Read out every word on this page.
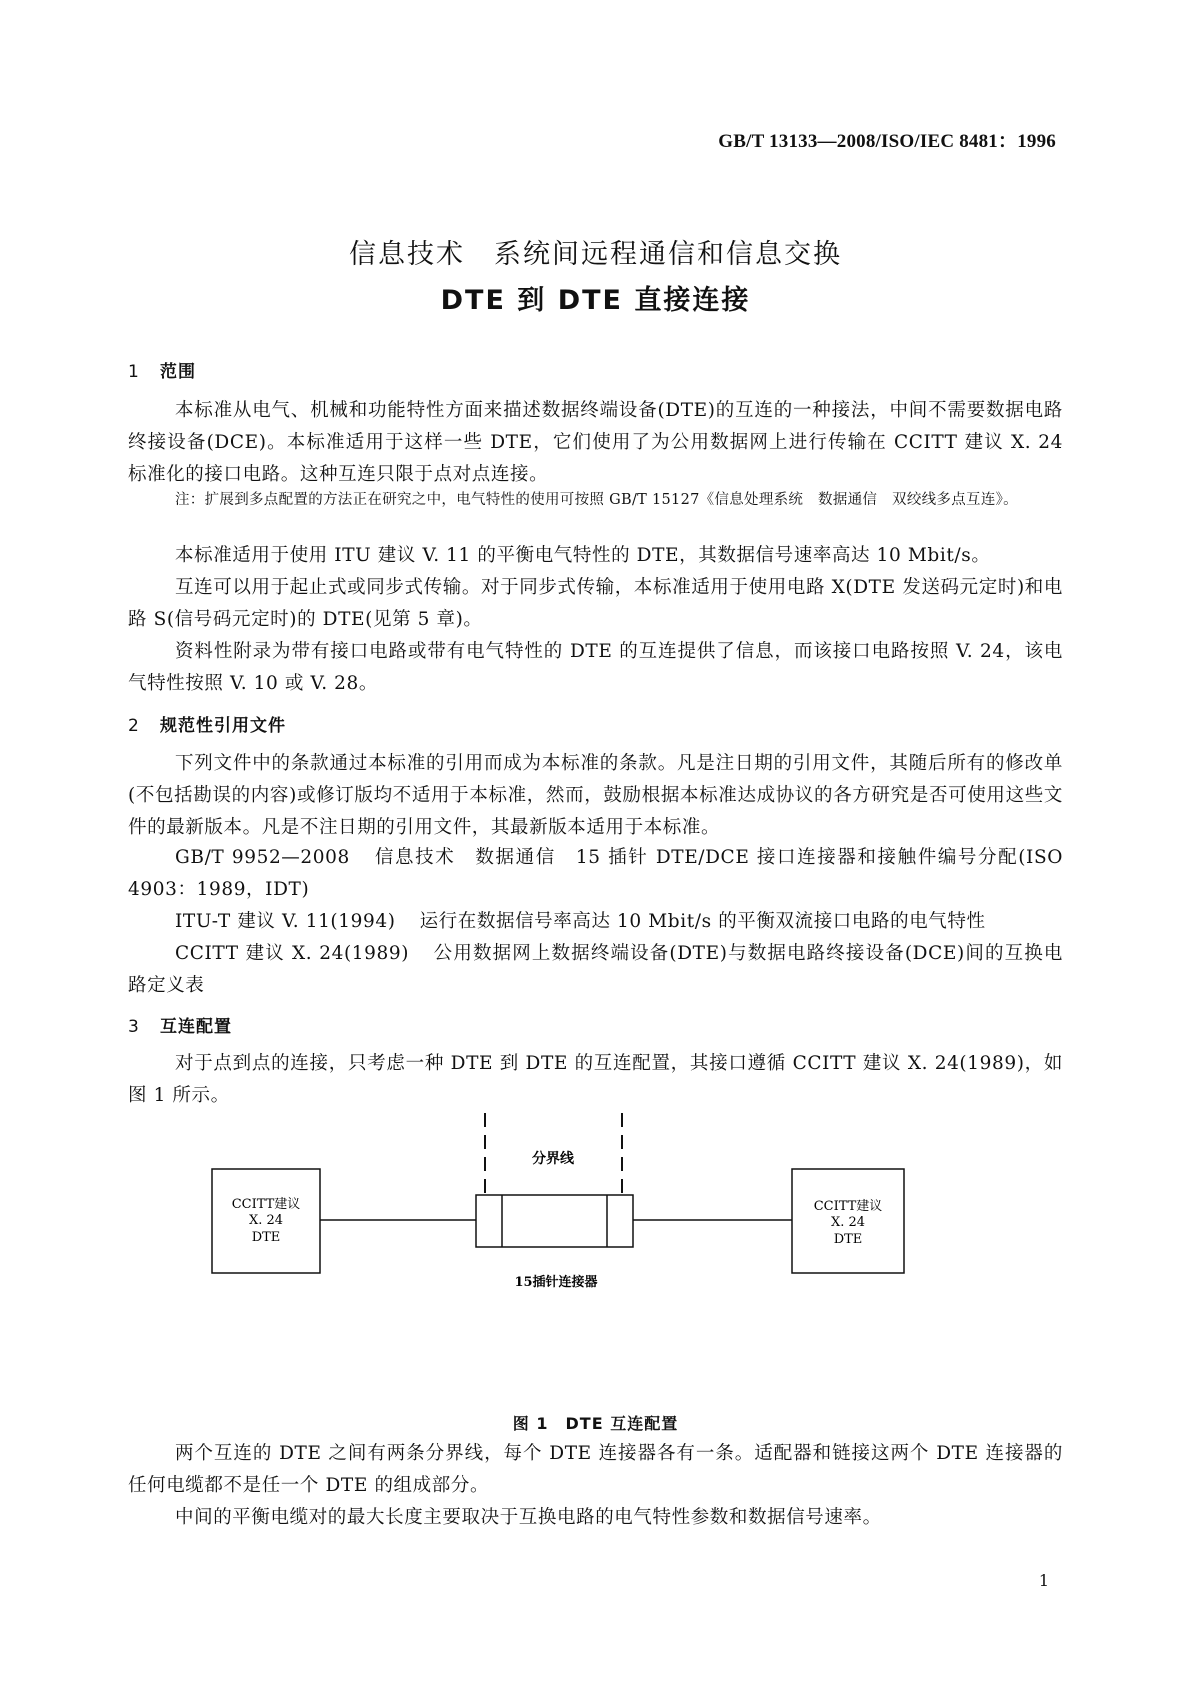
GB/T 13133—2008/ISO/IEC 8481：1996
信息技术　系统间远程通信和信息交换
DTE 到 DTE 直接连接
1 范围
本标准从电气、机械和功能特性方面来描述数据终端设备(DTE)的互连的一种接法，中间不需要数据电路终接设备(DCE)。本标准适用于这样一些 DTE，它们使用了为公用数据网上进行传输在 CCITT 建议 X. 24 标准化的接口电路。这种互连只限于点对点连接。
注：扩展到多点配置的方法正在研究之中，电气特性的使用可按照 GB/T 15127《信息处理系统　数据通信　双绞线多点互连》。
本标准适用于使用 ITU 建议 V. 11 的平衡电气特性的 DTE，其数据信号速率高达 10 Mbit/s。
互连可以用于起止式或同步式传输。对于同步式传输，本标准适用于使用电路 X(DTE 发送码元定时)和电路 S(信号码元定时)的 DTE(见第 5 章)。
资料性附录为带有接口电路或带有电气特性的 DTE 的互连提供了信息，而该接口电路按照 V. 24，该电气特性按照 V. 10 或 V. 28。
2 规范性引用文件
下列文件中的条款通过本标准的引用而成为本标准的条款。凡是注日期的引用文件，其随后所有的修改单(不包括勘误的内容)或修订版均不适用于本标准，然而，鼓励根据本标准达成协议的各方研究是否可使用这些文件的最新版本。凡是不注日期的引用文件，其最新版本适用于本标准。
GB/T 9952—2008 信息技术　数据通信　15 插针 DTE/DCE 接口连接器和接触件编号分配(ISO 4903：1989，IDT)
ITU-T 建议 V. 11(1994) 运行在数据信号率高达 10 Mbit/s 的平衡双流接口电路的电气特性
CCITT 建议 X. 24(1989) 公用数据网上数据终端设备(DTE)与数据电路终接设备(DCE)间的互换电路定义表
3 互连配置
对于点到点的连接，只考虑一种 DTE 到 DTE 的互连配置，其接口遵循 CCITT 建议 X. 24(1989)，如图 1 所示。
分界线
CCITT建议
X. 24
DTE
15插针连接器
CCITT建议
X. 24
DTE
图 1　DTE 互连配置
两个互连的 DTE 之间有两条分界线，每个 DTE 连接器各有一条。适配器和链接这两个 DTE 连接器的任何电缆都不是任一个 DTE 的组成部分。
中间的平衡电缆对的最大长度主要取决于互换电路的电气特性参数和数据信号速率。
1
